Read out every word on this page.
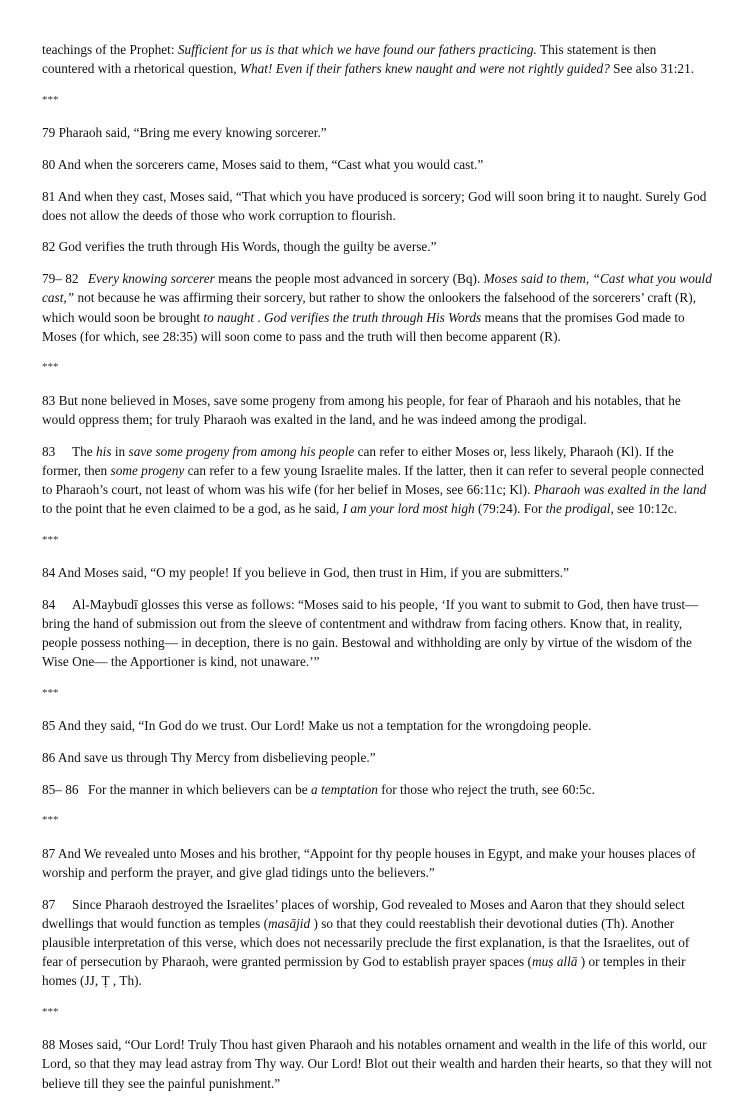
teachings of the Prophet: Sufficient for us is that which we have found our fathers practicing. This statement is then countered with a rhetorical question, What! Even if their fathers knew naught and were not rightly guided? See also 31:21.

***

79 Pharaoh said, “Bring me every knowing sorcerer.”

80 And when the sorcerers came, Moses said to them, “Cast what you would cast.”

81 And when they cast, Moses said, “That which you have produced is sorcery; God will soon bring it to naught. Surely God does not allow the deeds of those who work corruption to flourish.

82 God verifies the truth through His Words, though the guilty be averse.”

79– 82 Every knowing sorcerer means the people most advanced in sorcery (Bq). Moses said to them, “Cast what you would cast,” not because he was affirming their sorcery, but rather to show the onlookers the falsehood of the sorcerers’ craft (R), which would soon be brought to naught . God verifies the truth through His Words means that the promises God made to Moses (for which, see 28:35) will soon come to pass and the truth will then become apparent (R).

***

83 But none believed in Moses, save some progeny from among his people, for fear of Pharaoh and his notables, that he would oppress them; for truly Pharaoh was exalted in the land, and he was indeed among the prodigal.

83 The his in save some progeny from among his people can refer to either Moses or, less likely, Pharaoh (Kl). If the former, then some progeny can refer to a few young Israelite males. If the latter, then it can refer to several people connected to Pharaoh’s court, not least of whom was his wife (for her belief in Moses, see 66:11c; Kl). Pharaoh was exalted in the land to the point that he even claimed to be a god, as he said, I am your lord most high (79:24). For the prodigal, see 10:12c.

***

84 And Moses said, “O my people! If you believe in God, then trust in Him, if you are submitters.”

84 Al-Maybudī glosses this verse as follows: “Moses said to his people, ‘If you want to submit to God, then have trust— bring the hand of submission out from the sleeve of contentment and withdraw from facing others. Know that, in reality, people possess nothing— in deception, there is no gain. Bestowal and withholding are only by virtue of the wisdom of the Wise One— the Apportioner is kind, not unaware.’”

***

85 And they said, “In God do we trust. Our Lord! Make us not a temptation for the wrongdoing people.

86 And save us through Thy Mercy from disbelieving people.”

85– 86 For the manner in which believers can be a temptation for those who reject the truth, see 60:5c.

***

87 And We revealed unto Moses and his brother, “Appoint for thy people houses in Egypt, and make your houses places of worship and perform the prayer, and give glad tidings unto the believers.”

87 Since Pharaoh destroyed the Israelites’ places of worship, God revealed to Moses and Aaron that they should select dwellings that would function as temples (masājid ) so that they could reestablish their devotional duties (Th). Another plausible interpretation of this verse, which does not necessarily preclude the first explanation, is that the Israelites, out of fear of persecution by Pharaoh, were granted permission by God to establish prayer spaces (muṣ allā ) or temples in their homes (JJ, Ṭ , Th).

***

88 Moses said, “Our Lord! Truly Thou hast given Pharaoh and his notables ornament and wealth in the life of this world, our Lord, so that they may lead astray from Thy way. Our Lord! Blot out their wealth and harden their hearts, so that they will not believe till they see the painful punishment.”
